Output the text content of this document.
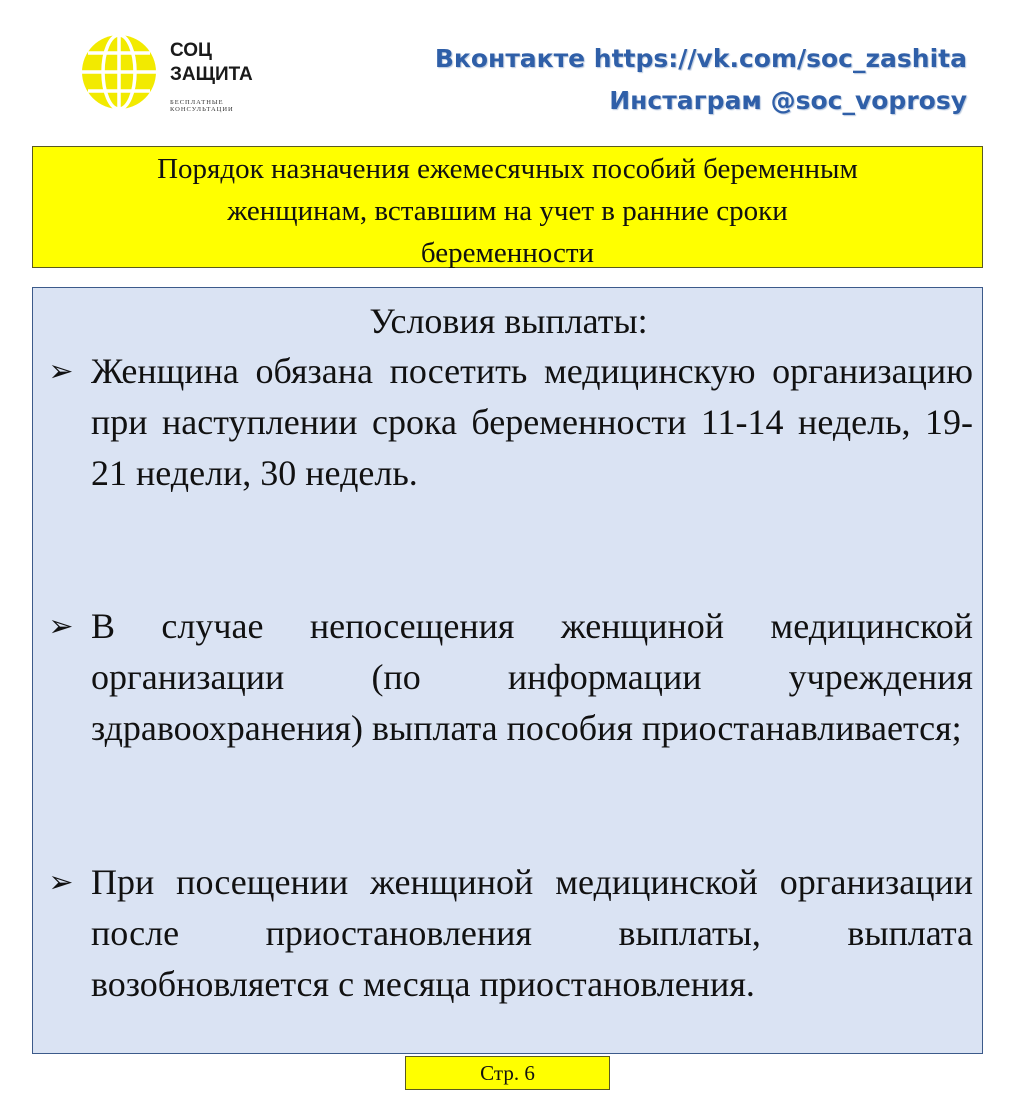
СОЦ
ЗАЩИТА
БЕСПЛАТНЫЕ КОНСУЛЬТАЦИИ
Вконтакте https://vk.com/soc_zashita
Инстаграм @soc_voprosy
Порядок назначения ежемесячных пособий беременным
женщинам, вставшим на учет в ранние сроки
беременности
Условия выплаты:
➢ Женщина обязана посетить медицинскую организацию при наступлении срока беременности 11-14 недель, 19-21 недели, 30 недель.
➢ В случае непосещения женщиной медицинской организации (по информации учреждения здравоохранения) выплата пособия приостанавливается;
➢ При посещении женщиной медицинской организации после приостановления выплаты, выплата возобновляется с месяца приостановления.
Стр. 6
